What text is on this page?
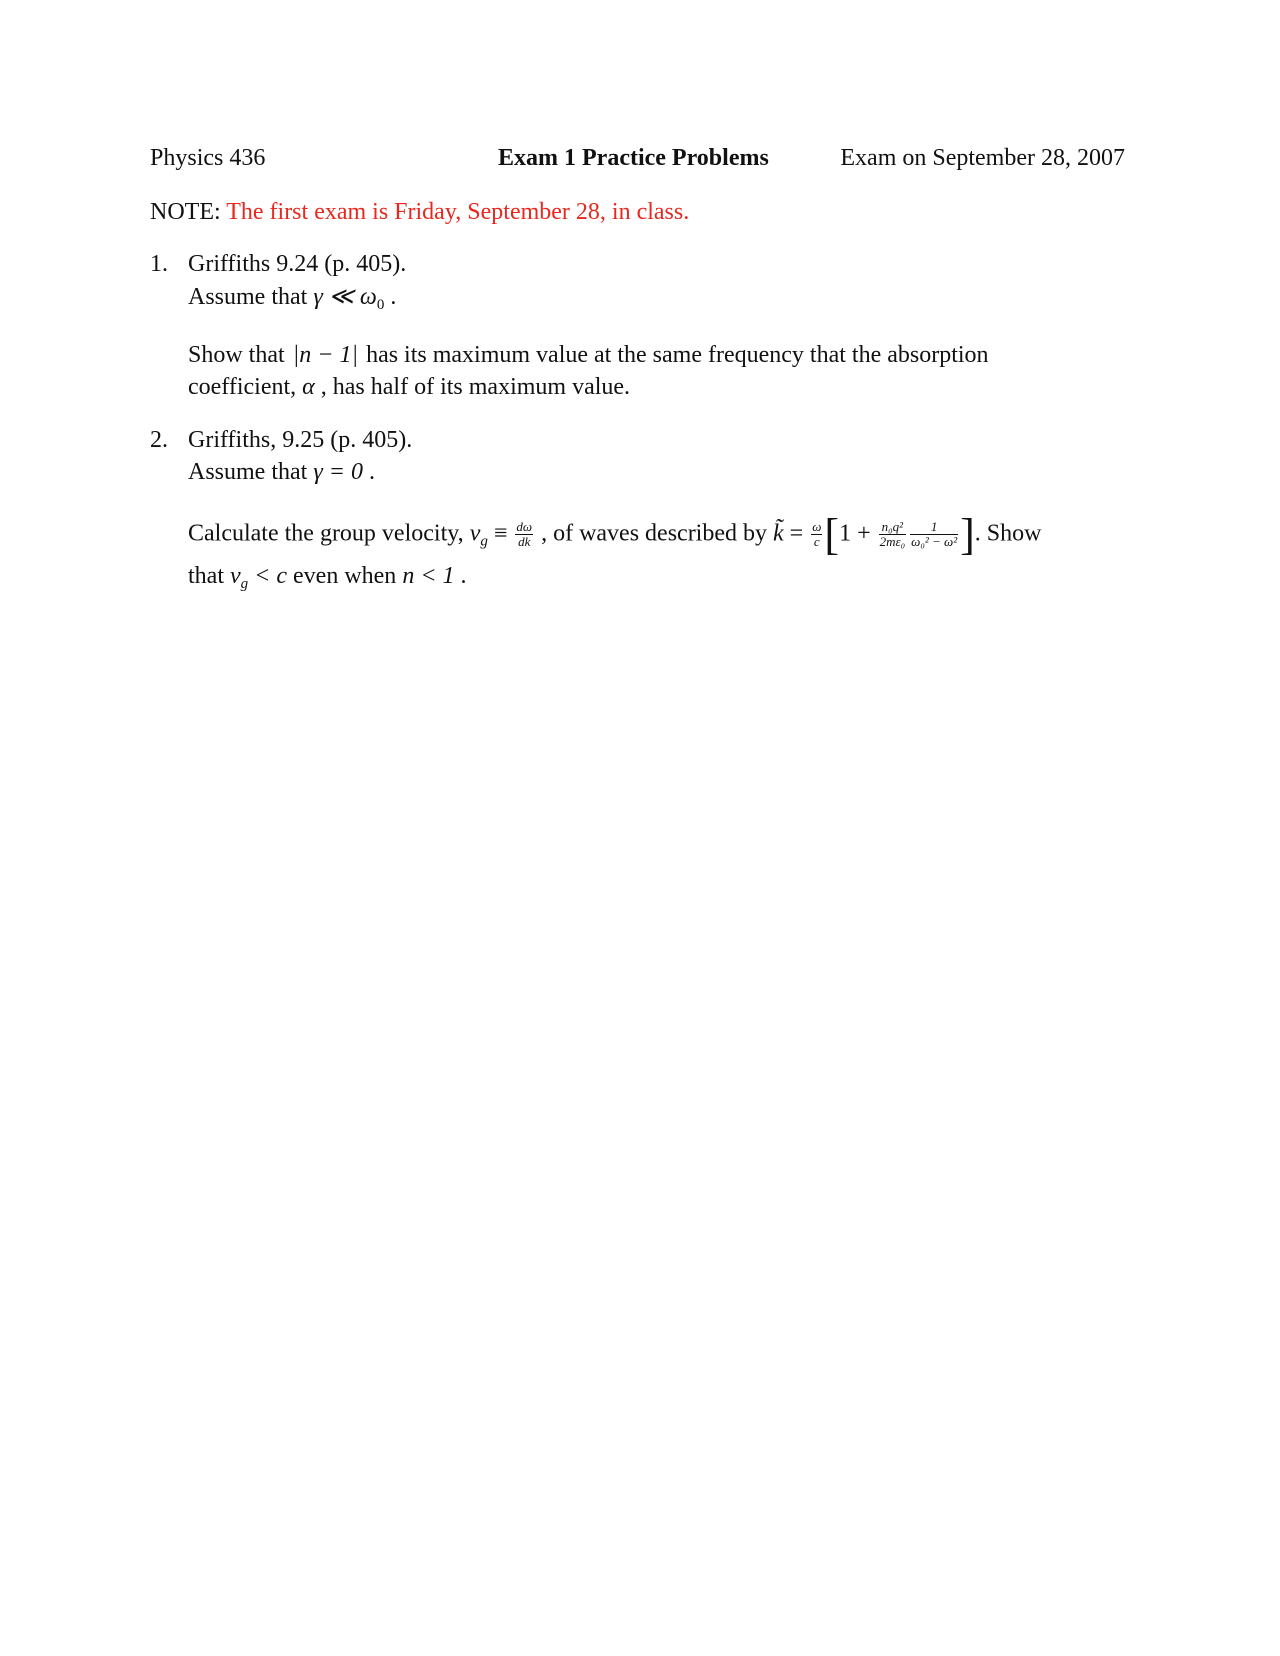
Physics 436	Exam 1 Practice Problems	Exam on September 28, 2007
NOTE: The first exam is Friday, September 28, in class.
1. Griffiths 9.24 (p. 405).
Assume that γ ≪ $\omega_0$ .
Show that |n − 1| has its maximum value at the same frequency that the absorption
coefficient, α , has half of its maximum value.
2. Griffiths, 9.25 (p. 405).
Assume that γ = 0 .
Calculate the group velocity, $v_g \equiv \frac{d\omega}{dk}$ , of waves described by k̃ = $\frac{\omega}{c} [1 + \frac{\text{n₀q²}}{\text{2mε₀}} \frac{1}{\text{ω₀² − ω²}}$ ]. Show
that $v_g < c$ even when n < 1 .
